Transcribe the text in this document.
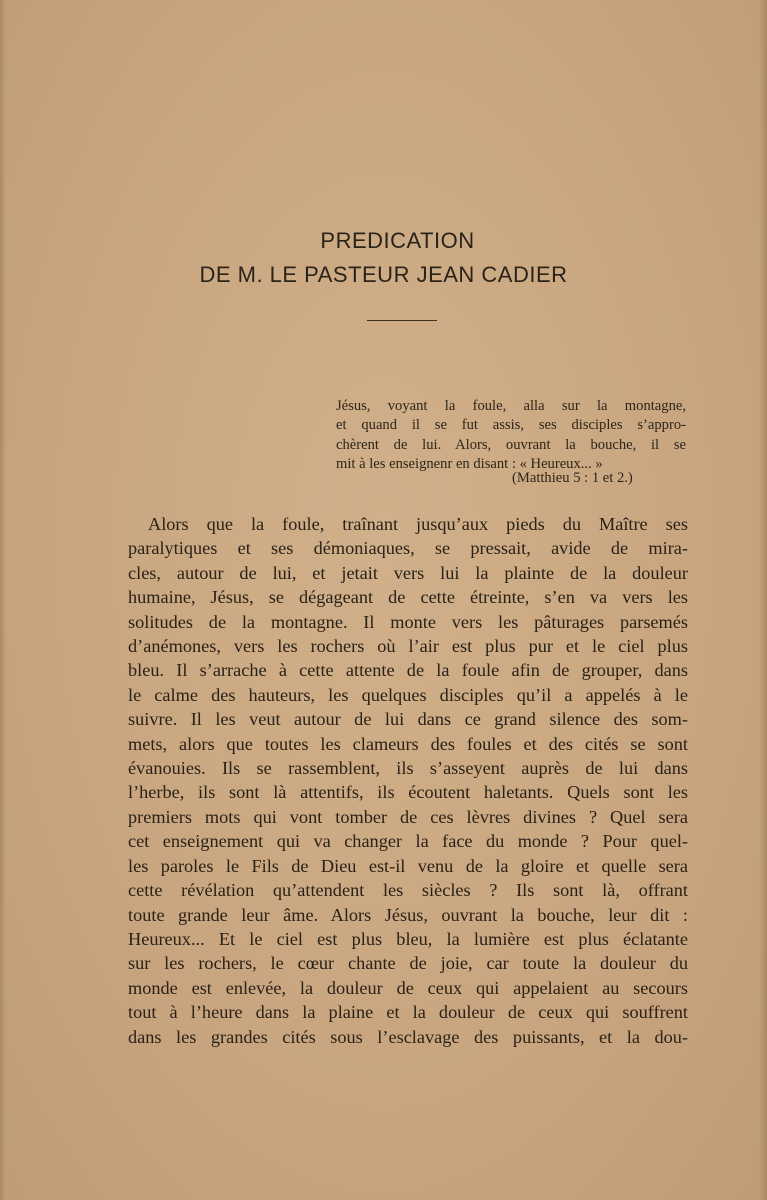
PREDICATION
DE M. LE PASTEUR JEAN CADIER
Jésus, voyant la foule, alla sur la montagne,
et quand il se fut assis, ses disciples s’appro-
chèrent de lui. Alors, ouvrant la bouche, il se
mit à les enseignenr en disant : « Heureux... »
(Matthieu 5 : 1 et 2.)
Alors que la foule, traînant jusqu’aux pieds du Maître ses
paralytiques et ses démoniaques, se pressait, avide de mira-
cles, autour de lui, et jetait vers lui la plainte de la douleur
humaine, Jésus, se dégageant de cette étreinte, s’en va vers les
solitudes de la montagne. Il monte vers les pâturages parsemés
d’anémones, vers les rochers où l’air est plus pur et le ciel plus
bleu. Il s’arrache à cette attente de la foule afin de grouper, dans
le calme des hauteurs, les quelques disciples qu’il a appelés à le
suivre. Il les veut autour de lui dans ce grand silence des som-
mets, alors que toutes les clameurs des foules et des cités se sont
évanouies. Ils se rassemblent, ils s’asseyent auprès de lui dans
l’herbe, ils sont là attentifs, ils écoutent haletants. Quels sont les
premiers mots qui vont tomber de ces lèvres divines ? Quel sera
cet enseignement qui va changer la face du monde ? Pour quel-
les paroles le Fils de Dieu est-il venu de la gloire et quelle sera
cette révélation qu’attendent les siècles ? Ils sont là, offrant
toute grande leur âme. Alors Jésus, ouvrant la bouche, leur dit :
Heureux... Et le ciel est plus bleu, la lumière est plus éclatante
sur les rochers, le cœur chante de joie, car toute la douleur du
monde est enlevée, la douleur de ceux qui appelaient au secours
tout à l’heure dans la plaine et la douleur de ceux qui souffrent
dans les grandes cités sous l’esclavage des puissants, et la dou-
